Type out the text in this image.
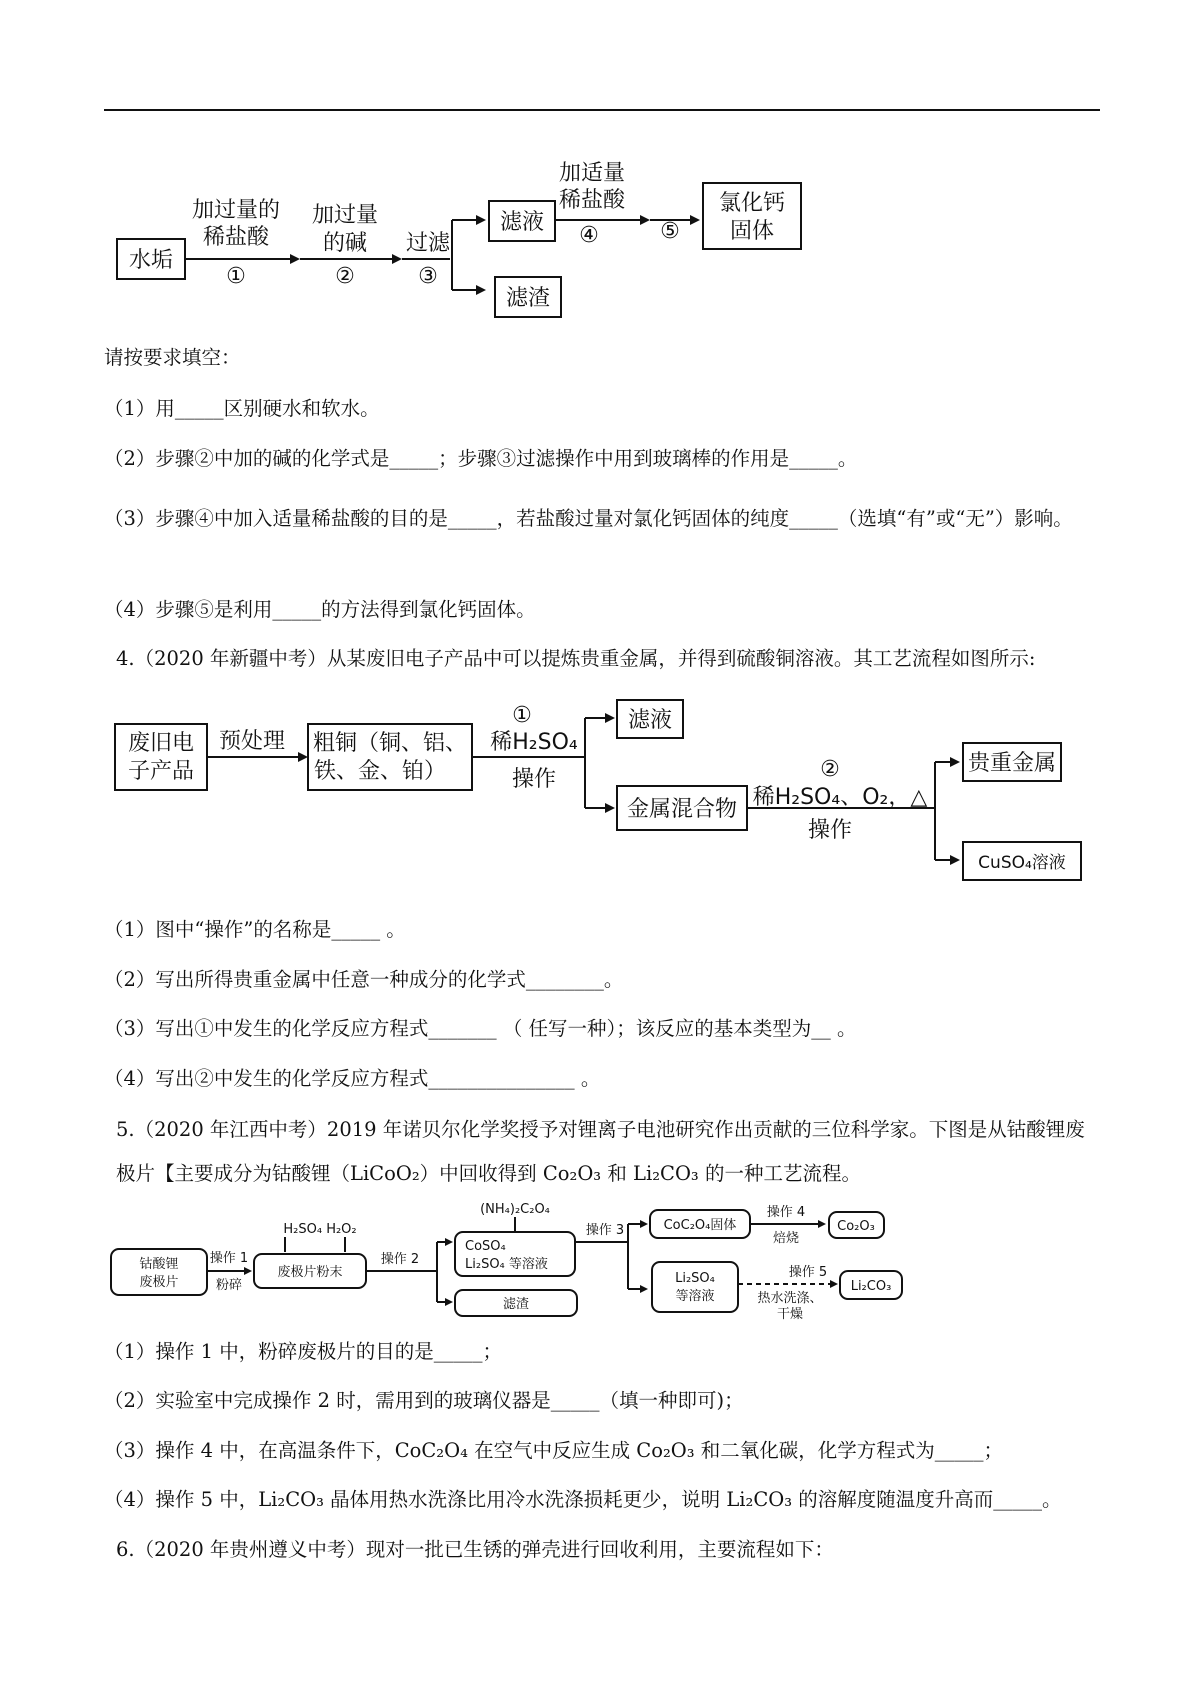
水垢
加过量的
稀盐酸
①
加过量
的碱
②
过滤
③
滤液
滤渣
加适量
稀盐酸
④	⑤
氯化钙
固体

请按要求填空：

（1）用_____区别硬水和软水。

（2）步骤②中加的碱的化学式是_____；步骤③过滤操作中用到玻璃棒的作用是_____。

（3）步骤④中加入适量稀盐酸的目的是_____，若盐酸过量对氯化钙固体的纯度_____（选填“有”或“无”）影响。

（4）步骤⑤是利用_____的方法得到氯化钙固体。

4.（2020 年新疆中考）从某废旧电子产品中可以提炼贵重金属，并得到硫酸铜溶液。其工艺流程如图所示:

废旧电
子产品
预处理 粗铜（铜、铝、
铁、金、铂）
①
稀H₂SO₄
操作
滤液
金属混合物
②
稀H₂SO₄、O₂，△
操作
贵重金属
CuSO₄溶液

（1）图中“操作”的名称是_____ 。

（2）写出所得贵重金属中任意一种成分的化学式________。

（3）写出①中发生的化学反应方程式_______ （ 任写一种）；该反应的基本类型为__ 。

（4）写出②中发生的化学反应方程式_______________ 。

5.（2020 年江西中考）2019 年诺贝尔化学奖授予对锂离子电池研究作出贡献的三位科学家。下图是从钴酸锂废极片【主要成分为钴酸锂（LiCoO₂）中回收得到 Co₂O₃ 和 Li₂CO₃ 的一种工艺流程。

钴酸锂
废极片
操作 1
粉碎
H₂SO₄ H₂O₂
废极片粉末
操作 2
(NH₄)₂C₂O₄
CoSO₄
Li₂SO₄ 等溶液
滤渣
操作 3	CoC₂O₄固体
操作 4
焙烧
Co₂O₃
Li₂SO₄
等溶液
操作 5
热水洗涤、
干燥
Li₂CO₃

（1）操作 1 中，粉碎废极片的目的是_____；

（2）实验室中完成操作 2 时，需用到的玻璃仪器是_____（填一种即可)；

（3）操作 4 中，在高温条件下，CoC₂O₄ 在空气中反应生成 Co₂O₃ 和二氧化碳，化学方程式为_____；

（4）操作 5 中，Li₂CO₃ 晶体用热水洗涤比用冷水洗涤损耗更少，说明 Li₂CO₃ 的溶解度随温度升高而_____。

6.（2020 年贵州遵义中考）现对一批已生锈的弹壳进行回收利用，主要流程如下：
